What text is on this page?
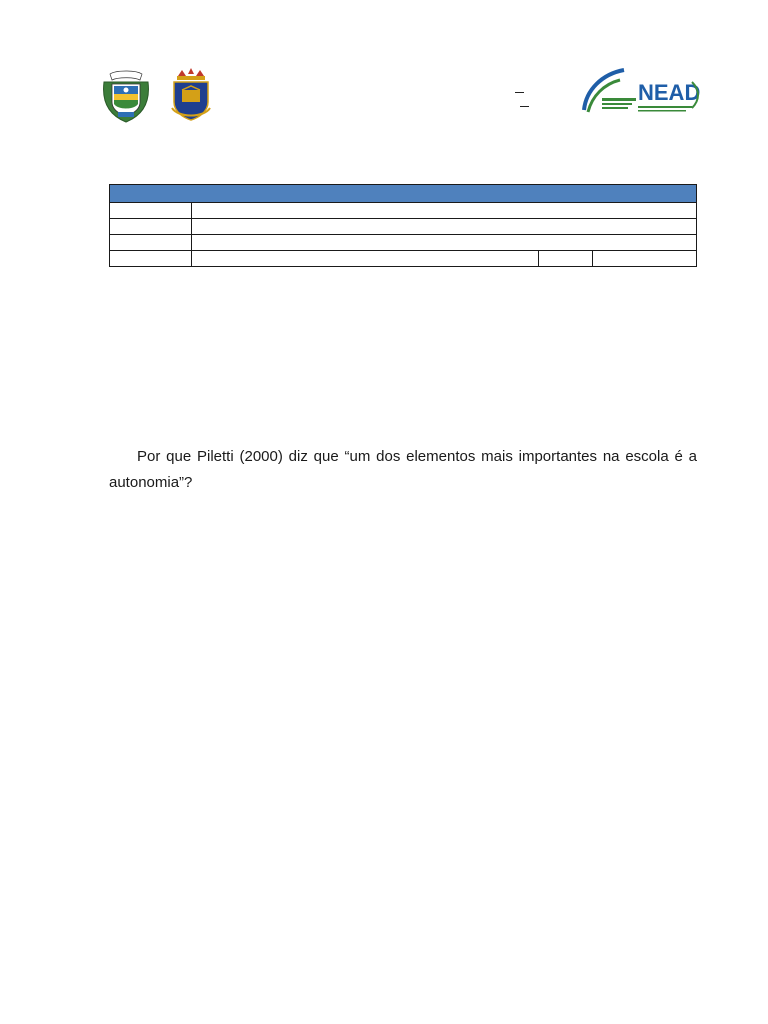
NEAD

Por que Piletti (2000) diz que “um dos elementos mais importantes na escola é a autonomia”?
